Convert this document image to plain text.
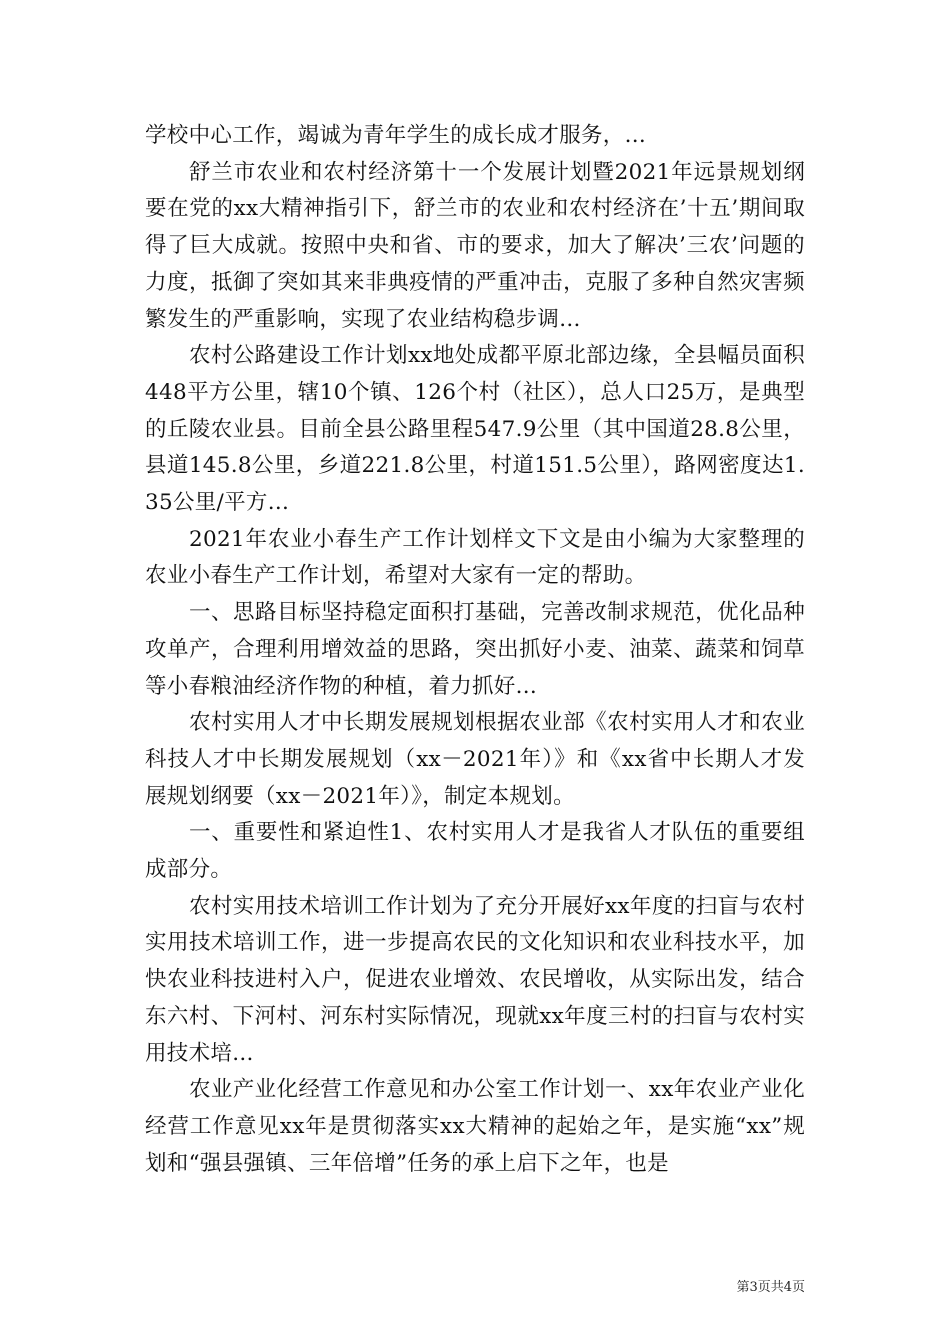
学校中心工作，竭诚为青年学生的成长成才服务，...

舒兰市农业和农村经济第十一个发展计划暨2021年远景规划纲要在党的xx大精神指引下，舒兰市的农业和农村经济在’十五’期间取得了巨大成就。按照中央和省、市的要求，加大了解决’三农’问题的力度，抵御了突如其来非典疫情的严重冲击，克服了多种自然灾害频繁发生的严重影响，实现了农业结构稳步调...

农村公路建设工作计划xx地处成都平原北部边缘，全县幅员面积448平方公里，辖10个镇、126个村（社区），总人口25万，是典型的丘陵农业县。目前全县公路里程547.9公里（其中国道28.8公里，县道145.8公里，乡道221.8公里，村道151.5公里），路网密度达1.35公里/平方...

2021年农业小春生产工作计划样文下文是由小编为大家整理的农业小春生产工作计划，希望对大家有一定的帮助。

一、思路目标坚持稳定面积打基础，完善改制求规范，优化品种攻单产，合理利用增效益的思路，突出抓好小麦、油菜、蔬菜和饲草等小春粮油经济作物的种植，着力抓好...

农村实用人才中长期发展规划根据农业部《农村实用人才和农业科技人才中长期发展规划（xx－2021年）》和《xx省中长期人才发展规划纲要（xx－2021年）》，制定本规划。

一、重要性和紧迫性1、农村实用人才是我省人才队伍的重要组成部分。

农村实用技术培训工作计划为了充分开展好xx年度的扫盲与农村实用技术培训工作，进一步提高农民的文化知识和农业科技水平，加快农业科技进村入户，促进农业增效、农民增收，从实际出发，结合东六村、下河村、河东村实际情况，现就xx年度三村的扫盲与农村实用技术培...

农业产业化经营工作意见和办公室工作计划一、xx年农业产业化经营工作意见xx年是贯彻落实xx大精神的起始之年，是实施“xx”规划和“强县强镇、三年倍增”任务的承上启下之年，也是

第3页共4页
